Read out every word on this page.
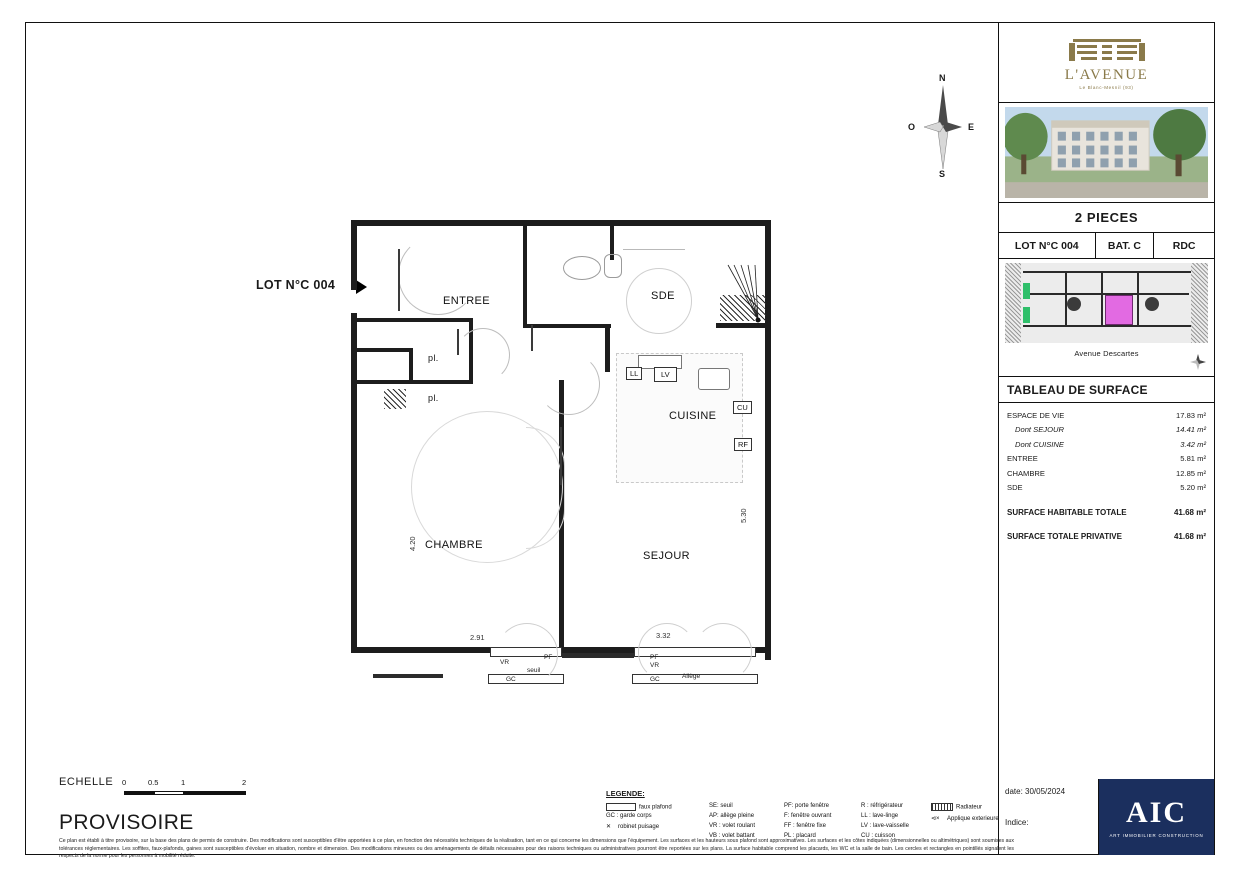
LOT N°C 004
N
S
E
O
LL	LV
CU
RF
ENTREE	SDE
CUISINE
CHAMBRE
SEJOUR
pl.
pl.
4.20
2.91	3.32
5.30
VR
PF
GC
seuil
PF
VR
GC	Allège
ECHELLE 0	0.5	1	2
PROVISOIRE
Ce plan est établi à titre provisoire, sur la base des plans de permis de construire. Des modifications sont susceptibles d'être apportées à ce plan, en fonction des nécessités techniques de la réalisation, tant en ce qui concerne les dimensions que l'équipement. Les surfaces et les hauteurs sous plafond sont approximatives. Les surfaces et les côtes indiquées (dimensionnelles ou altimétriques) sont soumises aux tolérances réglementaires. Les soffites, faux-plafonds, gaines sont susceptibles d'évoluer en situation, nombre et dimension. Des modifications mineures ou des aménagements de détails nécessaires pour des raisons techniques ou administratives pourront être reportées sur les plans. La surface habitable comprend les placards, les WC et la salle de bain. Les cercles et rectangles en pointillés signalent les respects de la norme pour les personnes à mobilité réduite.
LEGENDE:
faux plafond
GC : garde corps
✕ robinet puisage
SE: seuil
AP: allège pleine
VR : volet roulant
VB : volet battant
PF: porte fenêtre
F: fenêtre ouvrant
FF : fenêtre fixe
PL : placard
R : réfrigérateur
LL : lave-linge
LV : lave-vaisselle
CU : cuisson
Radiateur
⊲× Applique exterieure
L'AVENUE
Le Blanc-Mesnil (93)
2 PIECES
LOT N°C 004	BAT. C	RDC
Avenue Descartes
TABLEAU DE SURFACE
ESPACE DE VIE	17.83 m²
Dont SEJOUR	14.41 m²
Dont CUISINE	3.42 m²
ENTREE	5.81 m²
CHAMBRE	12.85 m²
SDE	5.20 m²
SURFACE HABITABLE TOTALE	41.68 m²
SURFACE TOTALE PRIVATIVE	41.68 m²
date: 30/05/2024
Indice:	AIC
ART IMMOBILIER CONSTRUCTION
